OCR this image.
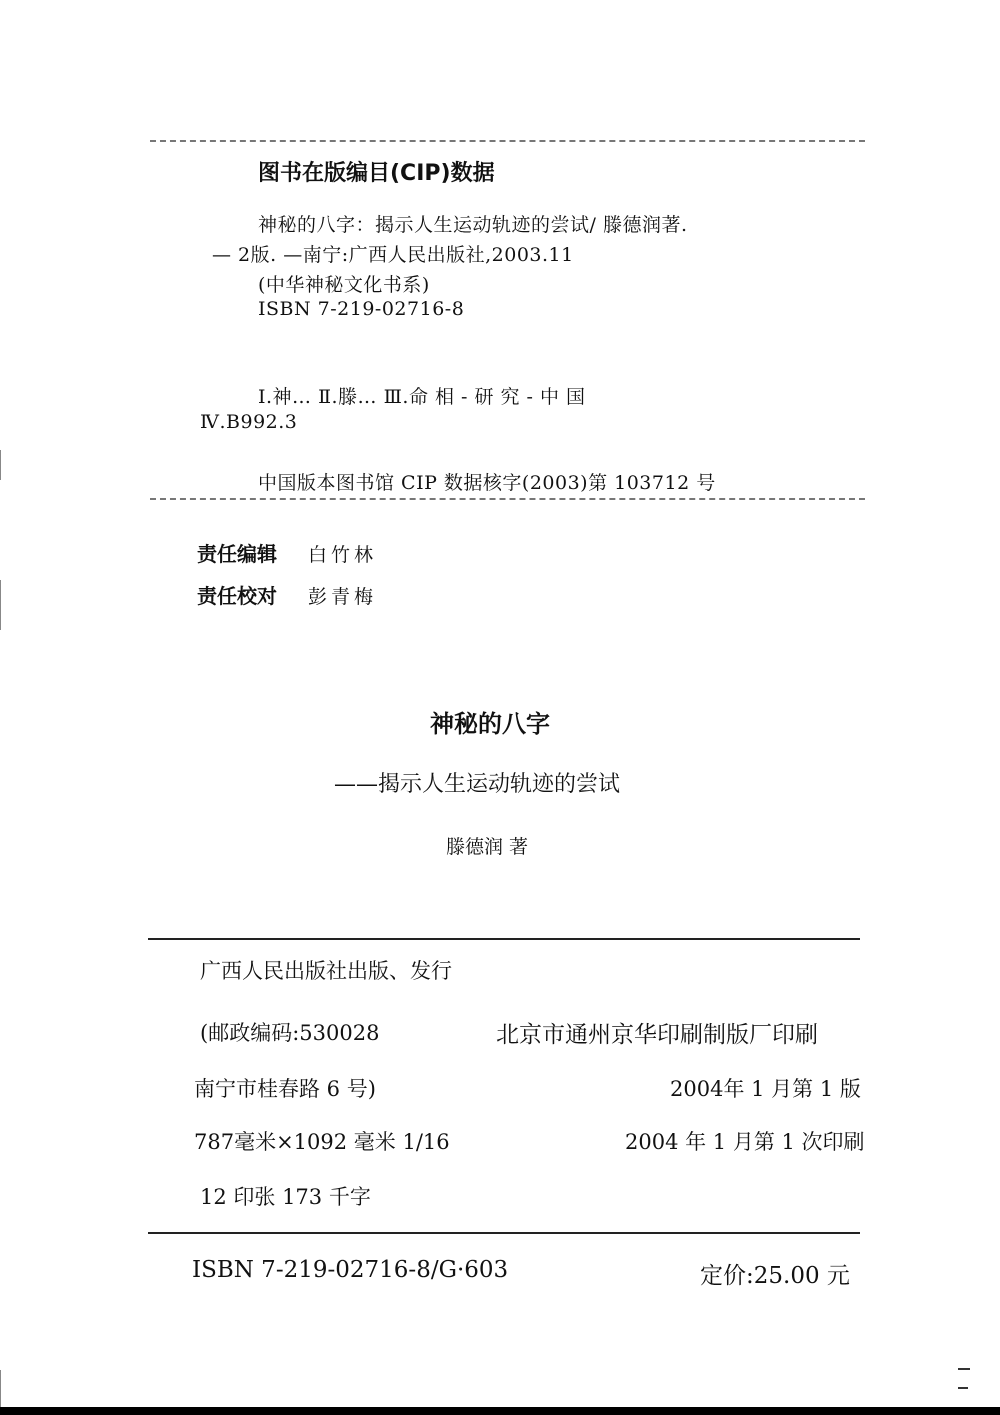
图书在版编目(CIP)数据
神秘的八字：揭示人生运动轨迹的尝试/ 滕德润著.
— 2版. —南宁:广西人民出版社,2003.11
(中华神秘文化书系)
ISBN 7-219-02716-8
Ⅰ.神… Ⅱ.滕… Ⅲ.命 相 - 研 究 - 中 国
Ⅳ.B992.3
中国版本图书馆 CIP 数据核字(2003)第 103712 号
责任编辑 白竹林
责任校对 彭青梅
神秘的八字
——揭示人生运动轨迹的尝试
滕德润 著
广西人民出版社出版、发行
(邮政编码:530028	北京市通州京华印刷制版厂印刷
南宁市桂春路 6 号)	2004年 1 月第 1 版
787毫米×1092 毫米 1/16	2004 年 1 月第 1 次印刷
12 印张 173 千字
ISBN 7-219-02716-8/G·603	定价:25.00 元
